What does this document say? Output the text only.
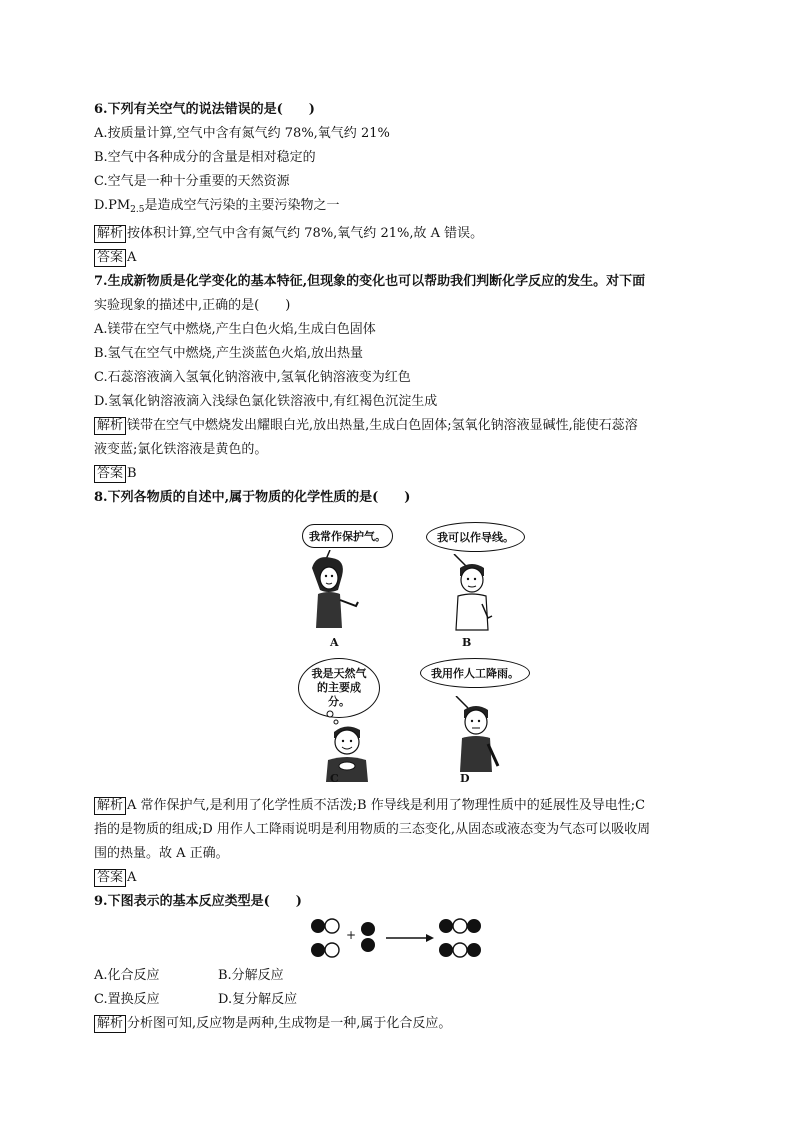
6.下列有关空气的说法错误的是(　　)
A.按质量计算,空气中含有氮气约 78%,氧气约 21%
B.空气中各种成分的含量是相对稳定的
C.空气是一种十分重要的天然资源
$D.PM_{2.5}$是造成空气污染的主要污染物之一
解析 按体积计算,空气中含有氮气约 78%,氧气约 21%,故 A 错误。
答案 A
7.生成新物质是化学变化的基本特征,但现象的变化也可以帮助我们判断化学反应的发生。对下面
实验现象的描述中,正确的是(　　)
A.镁带在空气中燃烧,产生白色火焰,生成白色固体
B.氢气在空气中燃烧,产生淡蓝色火焰,放出热量
C.石蕊溶液滴入氢氧化钠溶液中,氢氧化钠溶液变为红色
D.氢氧化钠溶液滴入浅绿色氯化铁溶液中,有红褐色沉淀生成
解析 镁带在空气中燃烧发出耀眼白光,放出热量,生成白色固体;氢氧化钠溶液显碱性,能使石蕊溶
液变蓝;氯化铁溶液是黄色的。
答案 B
8.下列各物质的自述中,属于物质的化学性质的是(　　)
我常作保护气。
A
我可以作导线。
B
我是天然气的主要成分。
C
我用作人工降雨。
D
解析 A 常作保护气,是利用了化学性质不活泼;B 作导线是利用了物理性质中的延展性及导电性;C
指的是物质的组成;D 用作人工降雨说明是利用物质的三态变化,从固态或液态变为气态可以吸收周
围的热量。故 A 正确。
答案 A
9.下图表示的基本反应类型是(　　)
+
A.化合反应	B.分解反应
C.置换反应	D.复分解反应
解析 分析图可知,反应物是两种,生成物是一种,属于化合反应。
